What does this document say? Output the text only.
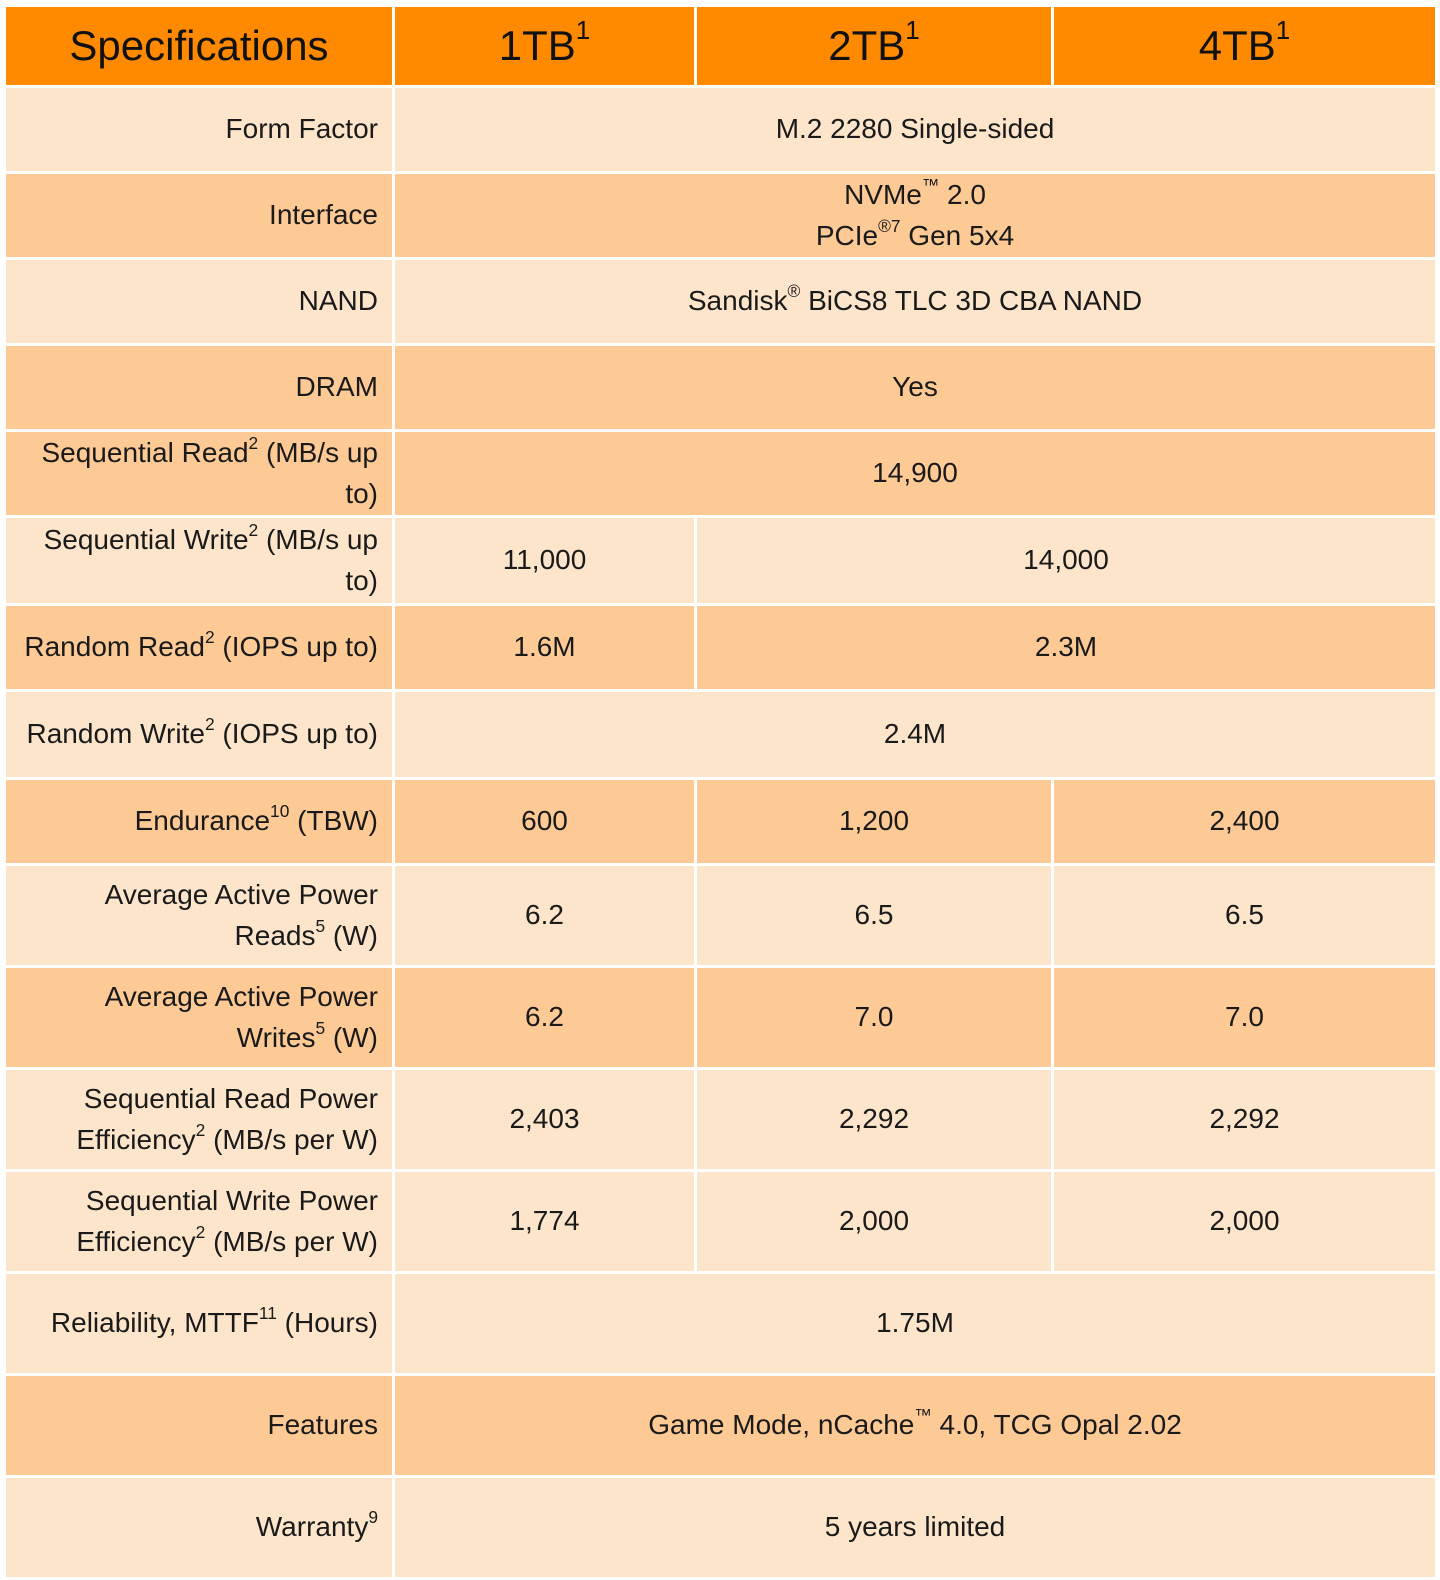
Specifications	$1TB^1$	$2TB^1$	$4TB^1$
Form Factor	M.2 2280 Single-sided		
Interface	NVMe™ 2.0
PCIe$^{®7}$ Gen 5x4		
NAND	Sandisk® BiCS8 TLC 3D CBA NAND		
DRAM	Yes		
Sequential Read$^2$ (MB/s up to)	14,900		
Sequential Write$^2$ (MB/s up to)	11,000	14,000	
Random Read$^2$ (IOPS up to)	1.6M	2.3M	
Random Write$^2$ (IOPS up to)	2.4M		
Endurance$^{10}$ (TBW)	600	1,200	2,400
Average Active Power Reads$^5$ (W)	6.2	6.5	6.5
Average Active Power Writes$^5$ (W)	6.2	7.0	7.0
Sequential Read Power Efficiency$^2$ (MB/s per W)	2,403	2,292	2,292
Sequential Write Power Efficiency$^2$ (MB/s per W)	1,774	2,000	2,000
Reliability, MTTF$^{11}$ (Hours)	1.75M		
Features	Game Mode, nCache™ 4.0, TCG Opal 2.02		
Warranty$^9$	5 years limited		
